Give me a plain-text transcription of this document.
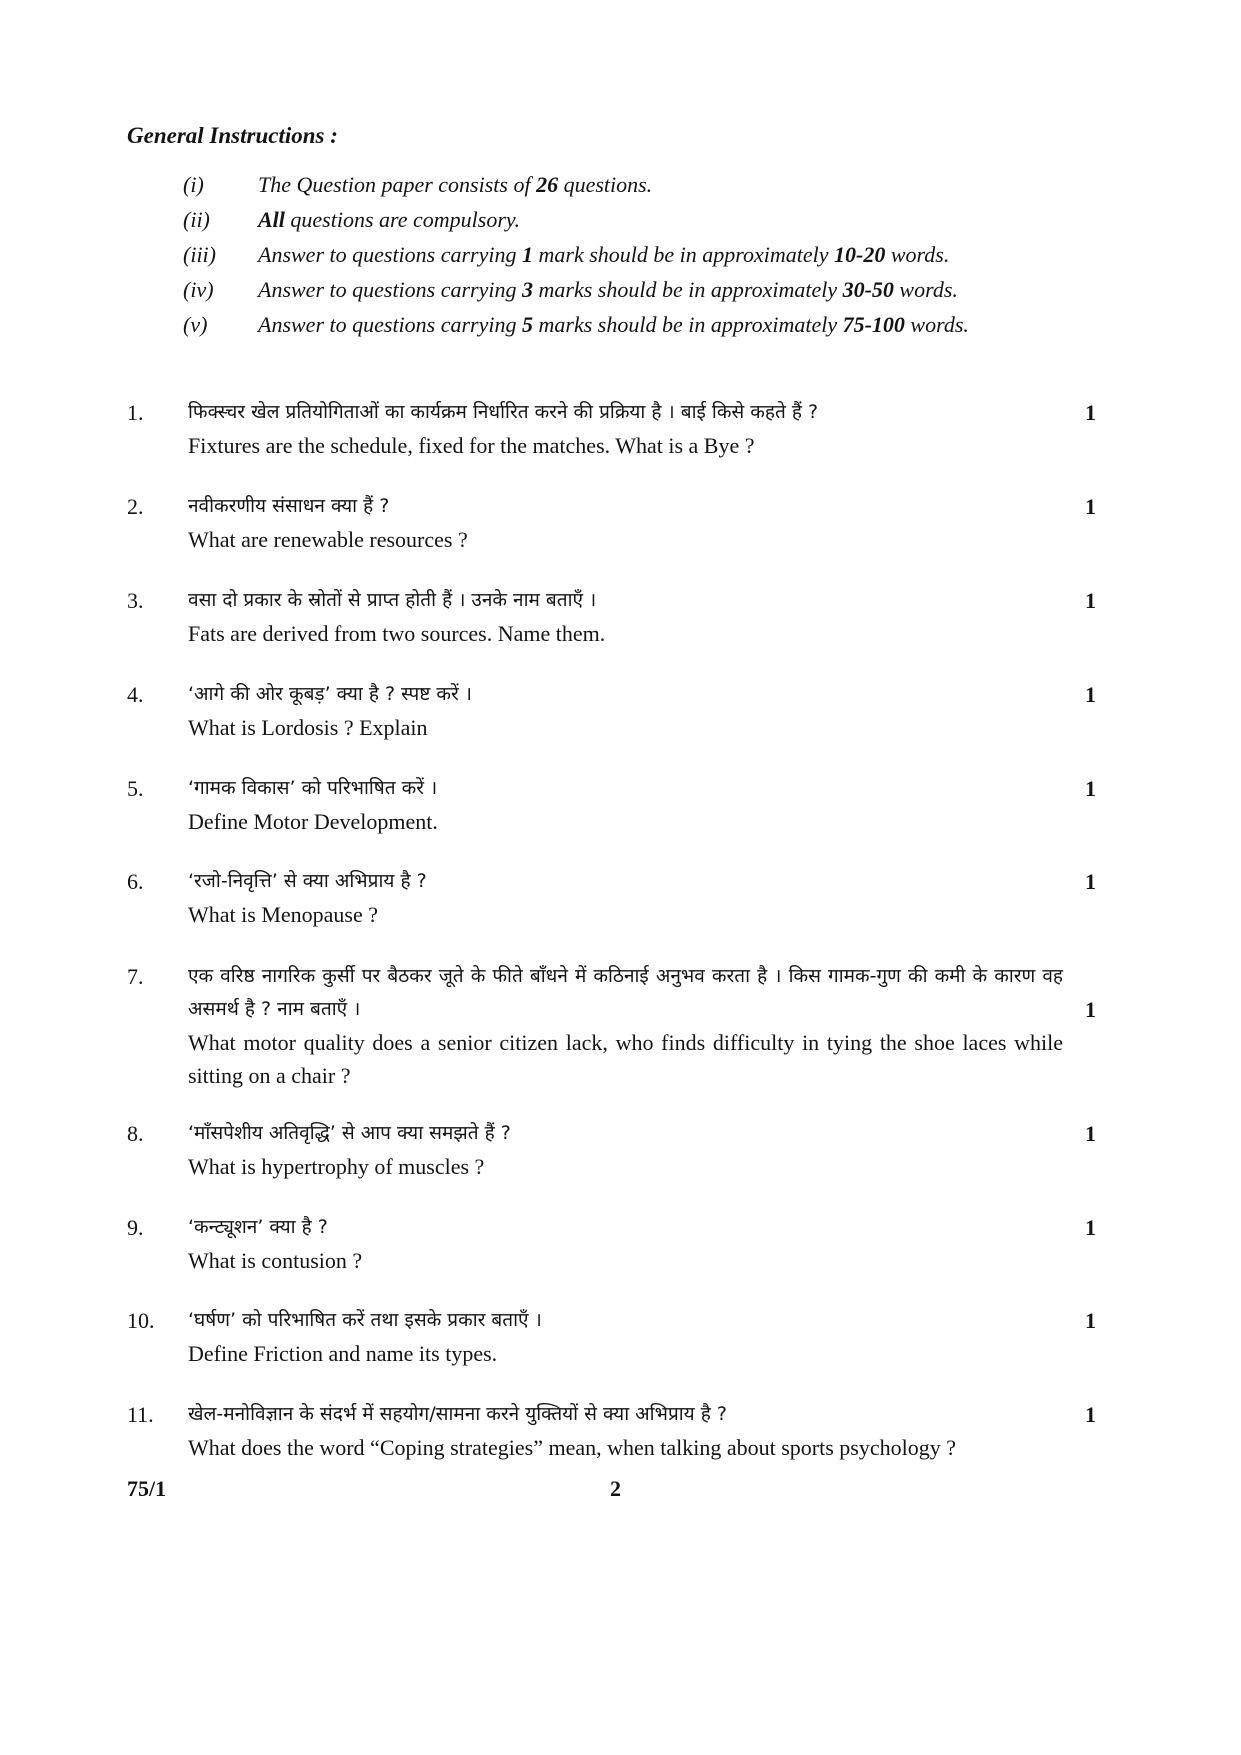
General Instructions :

(i)	The Question paper consists of 26 questions.
(ii)	All questions are compulsory.
(iii)	Answer to questions carrying 1 mark should be in approximately 10-20 words.
(iv)	Answer to questions carrying 3 marks should be in approximately 30-50 words.
(v)	Answer to questions carrying 5 marks should be in approximately 75-100 words.
1. फिक्स्चर खेल प्रतियोगिताओं का कार्यक्रम निर्धारित करने की प्रक्रिया है । बाई किसे कहते हैं ?
Fixtures are the schedule, fixed for the matches. What is a Bye ?
1
2. नवीकरणीय संसाधन क्या हैं ?
What are renewable resources ?
1
3. वसा दो प्रकार के स्रोतों से प्राप्त होती हैं । उनके नाम बताएँ ।
Fats are derived from two sources. Name them.
1
4. ‘आगे की ओर कूबड़’ क्या है ? स्पष्ट करें ।
What is Lordosis ? Explain
1
5. ‘गामक विकास’ को परिभाषित करें ।
Define Motor Development.
1
6. ‘रजो-निवृत्ति’ से क्या अभिप्राय है ?
What is Menopause ?
1
7. एक वरिष्ठ नागरिक कुर्सी पर बैठकर जूते के फीते बाँधने में कठिनाई अनुभव करता है । किस गामक-गुण की कमी के कारण वह असमर्थ है ? नाम बताएँ ।
What motor quality does a senior citizen lack, who finds difficulty in tying the shoe laces while sitting on a chair ?
1
8. ‘माँसपेशीय अतिवृद्धि’ से आप क्या समझते हैं ?
What is hypertrophy of muscles ?
1
9. ‘कन्ट्यूशन’ क्या है ?
What is contusion ?
1
10. ‘घर्षण’ को परिभाषित करें तथा इसके प्रकार बताएँ ।
Define Friction and name its types.
1
11. खेल-मनोविज्ञान के संदर्भ में सहयोग/सामना करने युक्तियों से क्या अभिप्राय है ?
What does the word “Coping strategies” mean, when talking about sports psychology ?
1
75/1	2
